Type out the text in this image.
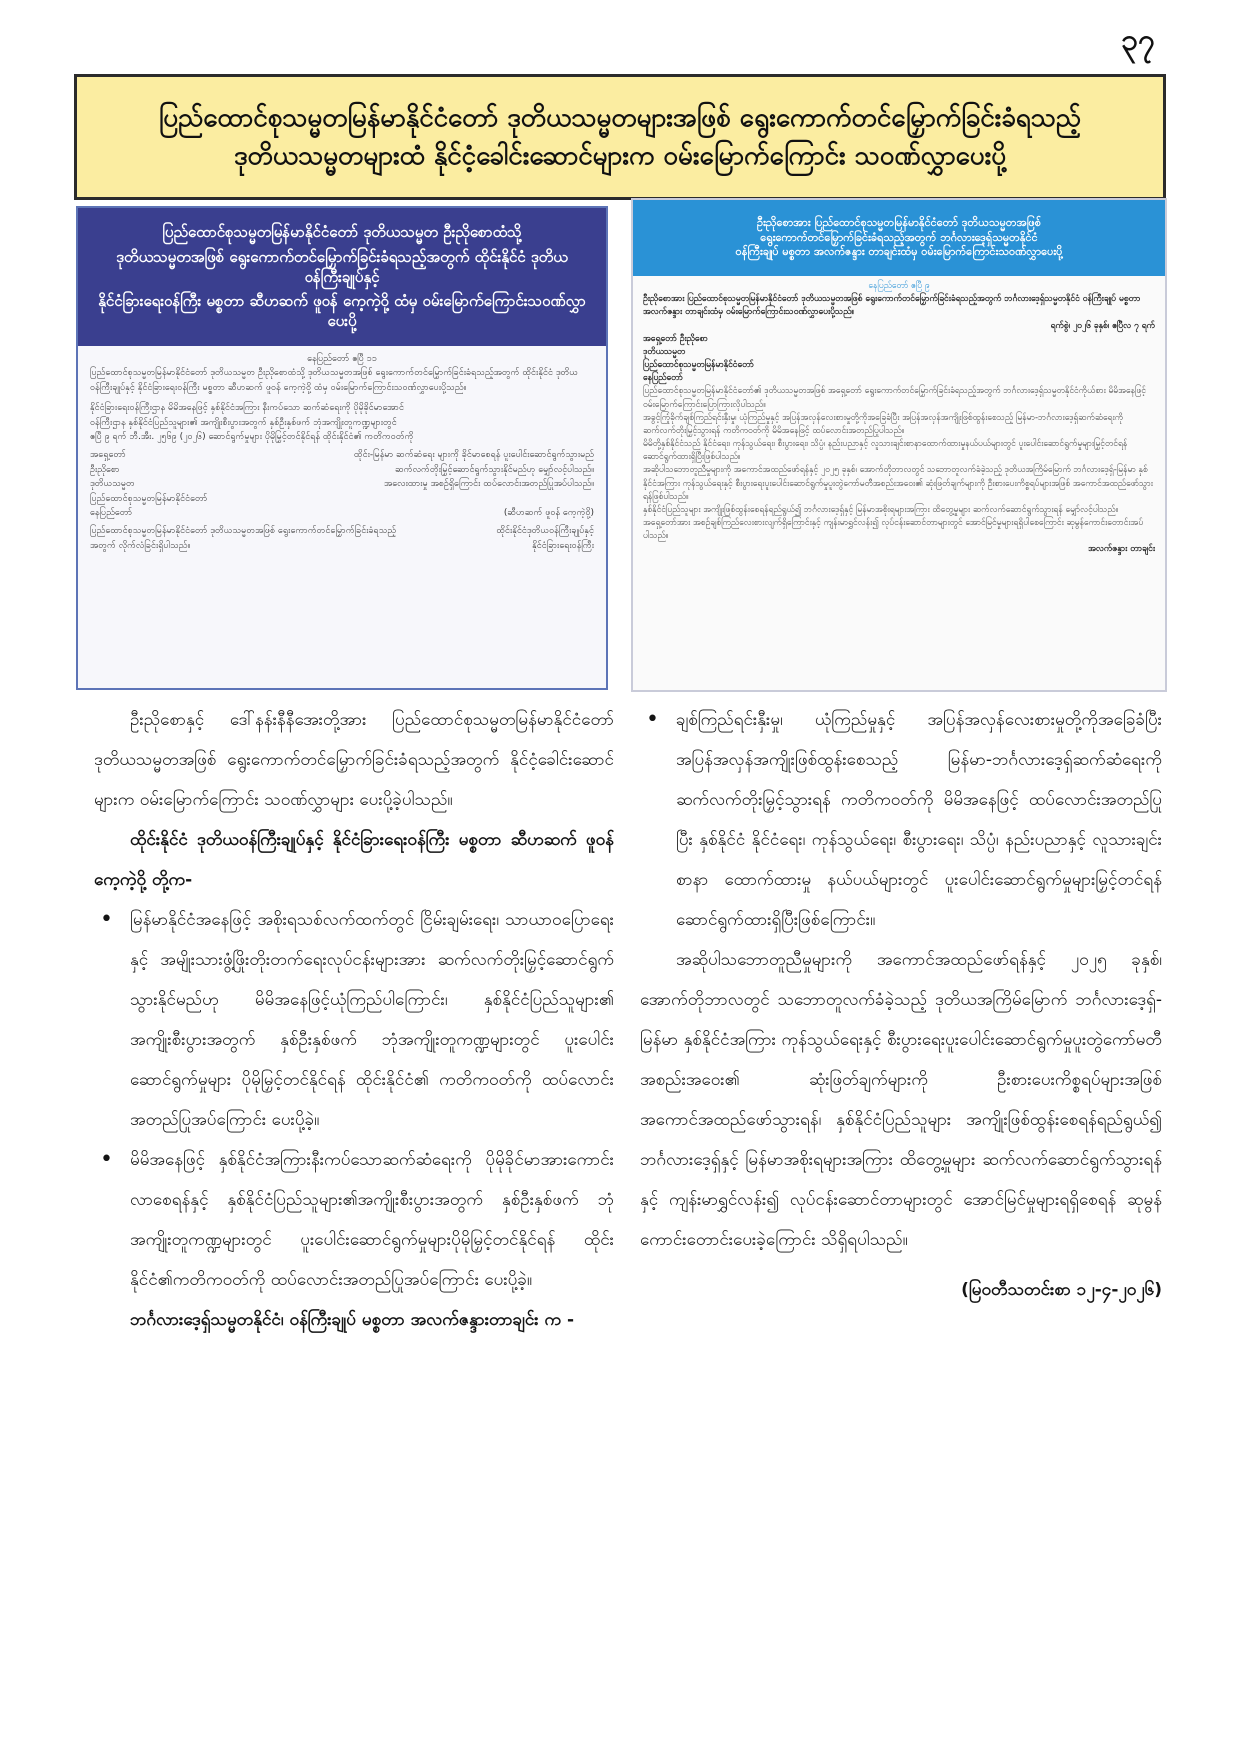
၃၇
ပြည်ထောင်စုသမ္မတမြန်မာနိုင်ငံတော် ဒုတိယသမ္မတများအဖြစ် ရွေးကောက်တင်မြှောက်ခြင်းခံရသည့်
ဒုတိယသမ္မတများထံ နိုင်ငံ့ခေါင်းဆောင်များက ဝမ်းမြောက်ကြောင်း သဝဏ်လွှာပေးပို့
ပြည်ထောင်စုသမ္မတမြန်မာနိုင်ငံတော် ဒုတိယသမ္မတ ဦးညိုစောထံသို့
ဒုတိယသမ္မတအဖြစ် ရွေးကောက်တင်မြှောက်ခြင်းခံရသည့်အတွက် ထိုင်းနိုင်ငံ ဒုတိယဝန်ကြီးချုပ်နှင့်
နိုင်ငံခြားရေးဝန်ကြီး မစ္စတာ ဆီဟဆက် ဖူဝန် ကေ့ကဲ့ဝို့ ထံမှ ဝမ်းမြောက်ကြောင်းသဝဏ်လွှာ ပေးပို့
နေပြည်တော် ဧပြီ ၁၁
ပြည်ထောင်စုသမ္မတမြန်မာနိုင်ငံတော် ဒုတိယသမ္မတ ဦးညိုစောထံသို့ ဒုတိယသမ္မတအဖြစ် ရွေးကောက်တင်မြှောက်ခြင်းခံရသည့်အတွက် ထိုင်းနိုင်ငံ ဒုတိယဝန်ကြီးချုပ်နှင့် နိုင်ငံခြားရေးဝန်ကြီး မစ္စတာ ဆီဟဆက် ဖူဝန် ကေ့ကဲ့ဝို့ ထံမှ ဝမ်းမြောက်ကြောင်းသဝဏ်လွှာပေးပို့သည်။
နိုင်ငံခြားရေးဝန်ကြီးဌာန မိမိအနေဖြင့် နှစ်နိုင်ငံအကြား နီးကပ်သော ဆက်ဆံရေးကို ပိုမိုခိုင်မာအောင်
ဝန်ကြီးဌာန နှစ်နိုင်ငံပြည်သူများ၏ အကျိုးစီးပွားအတွက် နှစ်ဦးနှစ်ဖက် ဘုံအကျိုးတူကဏ္ဍများတွင်
ဧပြီ ၉ ရက် ဘီ.အီး. ၂၅၆၉ (၂၀၂၆) ဆောင်ရွက်မှုများ ပိုမိုမြှင့်တင်နိုင်ရန် ထိုင်းနိုင်ငံ၏ ကတိကဝတ်ကို
အရှေ့တော်
ဦးညိုစော
ဒုတိယသမ္မတ
ပြည်ထောင်စုသမ္မတမြန်မာနိုင်ငံတော်
နေပြည်တော်
ထိုင်း-မြန်မာ ဆက်ဆံရေး များကို ခိုင်မာစေရန် ပူးပေါင်းဆောင်ရွက်သွားမည်
ဆက်လက်တိုးမြှင့်ဆောင်ရွက်သွားနိုင်မည်ဟု မျှော်လင့်ပါသည်။
အလေးထားမှု အစဉ်ရှိကြောင်း ထပ်လောင်းအတည်ပြုအပ်ပါသည်။
(ဆီဟဆက် ဖူဝန် ကေ့ကဲ့ဝို့)
ပြည်ထောင်စုသမ္မတမြန်မာနိုင်ငံတော် ဒုတိယသမ္မတအဖြစ် ရွေးကောက်တင်မြှောက်ခြင်းခံရသည့်
အတွက် လိုက်လံခြင်းရှိပါသည်။
ထိုင်းနိုင်ငံဒုတိယဝန်ကြီးချုပ်နှင့်
နိုင်ငံခြားရေးဝန်ကြီး
ဦးညိုစောအား ပြည်ထောင်စုသမ္မတမြန်မာနိုင်ငံတော် ဒုတိယသမ္မတအဖြစ်
ရွေးကောက်တင်မြှောက်ခြင်းခံရသည့်အတွက် ဘင်္ဂလားဒေ့ရှ်သမ္မတနိုင်ငံ
ဝန်ကြီးချုပ် မစ္စတာ အလက်ဇန္ဒား တာချင်းထံမှ ဝမ်းမြောက်ကြောင်းသဝဏ်လွှာပေးပို့
နေပြည်တော် ဧပြီ ၉
ဦးညိုစောအား ပြည်ထောင်စုသမ္မတမြန်မာနိုင်ငံတော် ဒုတိယသမ္မတအဖြစ် ရွေးကောက်တင်မြှောက်ခြင်းခံရသည့်အတွက် ဘင်္ဂလားဒေ့ရှ်သမ္မတနိုင်ငံ ဝန်ကြီးချုပ် မစ္စတာ အလက်ဇန္ဒား တာချင်းထံမှ ဝမ်းမြောက်ကြောင်းသဝဏ်လွှာပေးပို့သည်။
ရက်စွဲ၊ ၂၀၂၆ ခုနှစ်၊ ဧပြီလ ၇ ရက်
အရှေ့တော် ဦးညိုစော
ဒုတိယသမ္မတ
ပြည်ထောင်စုသမ္မတမြန်မာနိုင်ငံတော်
နေပြည်တော်
ပြည်ထောင်စုသမ္မတမြန်မာနိုင်ငံတော်၏ ဒုတိယသမ္မတအဖြစ် အရှေ့တော် ရွေးကောက်တင်မြှောက်ခြင်းခံရသည့်အတွက် ဘင်္ဂလားဒေ့ရှ်သမ္မတနိုင်ငံကိုယ်စား မိမိအနေဖြင့်ဝမ်းမြောက်ကြောင်းပြောကြားလိုပါသည်။
အခွင့်ကြုံခိုက်ချစ်ကြည်ရင်းနှီးမှု၊ ယုံကြည်မှုနှင့် အပြန်အလှန်လေးစားမှုတို့ကိုအခြေခံပြီး အပြန်အလှန်အကျိုးဖြစ်ထွန်းစေသည့် မြန်မာ-ဘင်္ဂလားဒေ့ရှ်ဆက်ဆံရေးကို ဆက်လက်တိုးမြှင့်သွားရန် ကတိကဝတ်ကို မိမိအနေဖြင့် ထပ်လောင်းအတည်ပြုပါသည်။
မိမိတို့နှစ်နိုင်ငံသည် နိုင်ငံရေး၊ ကုန်သွယ်ရေး၊ စီးပွားရေး၊ သိပ္ပံ၊ နည်းပညာနှင့် လူသားချင်းစာနာထောက်ထားမှုနယ်ပယ်များတွင် ပူးပေါင်းဆောင်ရွက်မှုများမြှင့်တင်ရန် ဆောင်ရွက်ထားရှိပြီးဖြစ်ပါသည်။
အဆိုပါသဘောတူညီမှုများကို အကောင်အထည်ဖော်ရန်နှင့် ၂၀၂၅ ခုနှစ်၊ အောက်တိုဘာလတွင် သဘောတူလက်ခံခဲ့သည့် ဒုတိယအကြိမ်မြောက် ဘင်္ဂလားဒေ့ရှ်-မြန်မာ နှစ်နိုင်ငံအကြား ကုန်သွယ်ရေးနှင့် စီးပွားရေးပူးပေါင်းဆောင်ရွက်မှုပူးတွဲကော်မတီအစည်းအဝေး၏ ဆုံးဖြတ်ချက်များကို ဦးစားပေးကိစ္စရပ်များအဖြစ် အကောင်အထည်ဖော်သွားရန်ဖြစ်ပါသည်။
နှစ်နိုင်ငံပြည်သူများ အကျိုးဖြစ်ထွန်းစေရန်ရည်ရွယ်၍ ဘင်္ဂလားဒေ့ရှ်နှင့် မြန်မာအစိုးရများအကြား ထိတွေ့မှုများ ဆက်လက်ဆောင်ရွက်သွားရန် မျှော်လင့်ပါသည်။
အရှေ့တော်အား အစဉ်ချစ်ကြည်လေးစားလျက်ရှိကြောင်းနှင့် ကျန်းမာရွှင်လန်း၍ လုပ်ငန်းဆောင်တာများတွင် အောင်မြင်မှုများရရှိပါစေကြောင်း ဆုမွန်ကောင်းတောင်းအပ်ပါသည်။
အလက်ဇန္ဒား တာချင်း

ဦးညိုစောနှင့် ဒေါ်နန်းနီနီအေးတို့အား ပြည်ထောင်စုသမ္မတမြန်မာနိုင်ငံတော် ဒုတိယသမ္မတအဖြစ် ရွေးကောက်တင်မြှောက်ခြင်းခံရသည့်အတွက် နိုင်ငံ့ခေါင်းဆောင်များက ဝမ်းမြောက်ကြောင်း သဝဏ်လွှာများ ပေးပို့ခဲ့ပါသည်။

ထိုင်းနိုင်ငံ ဒုတိယဝန်ကြီးချုပ်နှင့် နိုင်ငံခြားရေးဝန်ကြီး မစ္စတာ ဆီဟဆက် ဖူဝန် ကေ့ကဲ့ဝို့ တို့က-

• မြန်မာနိုင်ငံအနေဖြင့် အစိုးရသစ်လက်ထက်တွင် ငြိမ်းချမ်းရေး၊ သာယာဝပြောရေးနှင့် အမျိုးသားဖွံ့ဖြိုးတိုးတက်ရေးလုပ်ငန်းများအား ဆက်လက်တိုးမြှင့်ဆောင်ရွက်သွားနိုင်မည်ဟု မိမိအနေဖြင့်ယုံကြည်ပါကြောင်း၊ နှစ်နိုင်ငံပြည်သူများ၏ အကျိုးစီးပွားအတွက် နှစ်ဦးနှစ်ဖက် ဘုံအကျိုးတူကဏ္ဍများတွင် ပူးပေါင်းဆောင်ရွက်မှုများ ပိုမိုမြှင့်တင်နိုင်ရန် ထိုင်းနိုင်ငံ၏ ကတိကဝတ်ကို ထပ်လောင်းအတည်ပြုအပ်ကြောင်း ပေးပို့ခဲ့။
• မိမိအနေဖြင့် နှစ်နိုင်ငံအကြားနီးကပ်သောဆက်ဆံရေးကို ပိုမိုခိုင်မာအားကောင်းလာစေရန်နှင့် နှစ်နိုင်ငံပြည်သူများ၏အကျိုးစီးပွားအတွက် နှစ်ဦးနှစ်ဖက် ဘုံအကျိုးတူကဏ္ဍများတွင် ပူးပေါင်းဆောင်ရွက်မှုများပိုမိုမြှင့်တင်နိုင်ရန် ထိုင်းနိုင်ငံ၏ကတိကဝတ်ကို ထပ်လောင်းအတည်ပြုအပ်ကြောင်း ပေးပို့ခဲ့။

ဘင်္ဂလားဒေ့ရှ်သမ္မတနိုင်ငံ၊ ဝန်ကြီးချုပ် မစ္စတာ အလက်ဇန္ဒားတာချင်း က -

• ချစ်ကြည်ရင်းနှီးမှု၊ ယုံကြည်မှုနှင့် အပြန်အလှန်လေးစားမှုတို့ကိုအခြေခံပြီး အပြန်အလှန်အကျိုးဖြစ်ထွန်းစေသည့် မြန်မာ-ဘင်္ဂလားဒေ့ရှ်ဆက်ဆံရေးကို ဆက်လက်တိုးမြှင့်သွားရန် ကတိကဝတ်ကို မိမိအနေဖြင့် ထပ်လောင်းအတည်ပြုပြီး နှစ်နိုင်ငံ နိုင်ငံရေး၊ ကုန်သွယ်ရေး၊ စီးပွားရေး၊ သိပ္ပံ၊ နည်းပညာနှင့် လူသားချင်းစာနာ ထောက်ထားမှု နယ်ပယ်များတွင် ပူးပေါင်းဆောင်ရွက်မှုများမြှင့်တင်ရန် ဆောင်ရွက်ထားရှိပြီးဖြစ်ကြောင်း။

အဆိုပါသဘောတူညီမှုများကို အကောင်အထည်ဖော်ရန်နှင့် ၂၀၂၅ ခုနှစ်၊ အောက်တိုဘာလတွင် သဘောတူလက်ခံခဲ့သည့် ဒုတိယအကြိမ်မြောက် ဘင်္ဂလားဒေ့ရှ်-မြန်မာ နှစ်နိုင်ငံအကြား ကုန်သွယ်ရေးနှင့် စီးပွားရေးပူးပေါင်းဆောင်ရွက်မှုပူးတွဲကော်မတီအစည်းအဝေး၏ ဆုံးဖြတ်ချက်များကို ဦးစားပေးကိစ္စရပ်များအဖြစ် အကောင်အထည်ဖော်သွားရန်၊ နှစ်နိုင်ငံပြည်သူများ အကျိုးဖြစ်ထွန်းစေရန်ရည်ရွယ်၍ ဘင်္ဂလားဒေ့ရှ်နှင့် မြန်မာအစိုးရများအကြား ထိတွေ့မှုများ ဆက်လက်ဆောင်ရွက်သွားရန်နှင့် ကျန်းမာရွှင်လန်း၍ လုပ်ငန်းဆောင်တာများတွင် အောင်မြင်မှုများရရှိစေရန် ဆုမွန်ကောင်းတောင်းပေးခဲ့ကြောင်း သိရှိရပါသည်။

(မြဝတီသတင်းစာ ၁၂-၄-၂၀၂၆)
